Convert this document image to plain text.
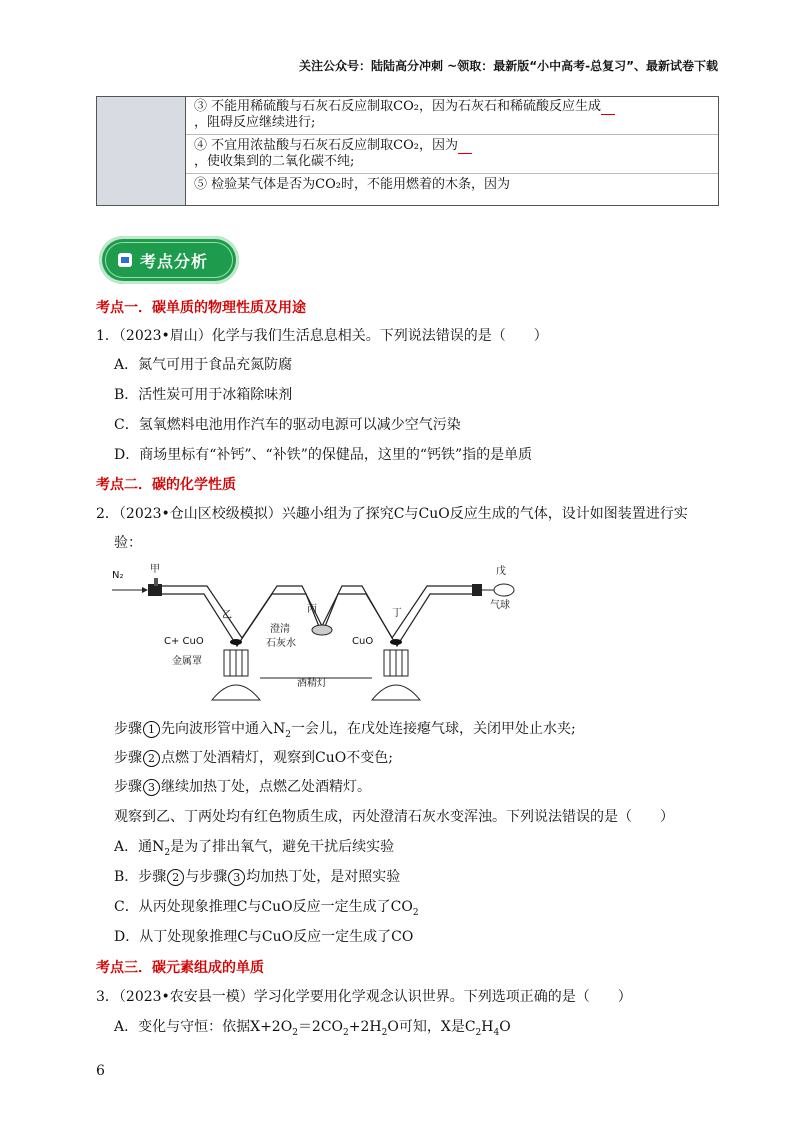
关注公众号：陆陆高分冲刺 ~领取：最新版“小中高考-总复习”、最新试卷下载

③ 不能用稀硫酸与石灰石反应制取CO₂，因为石灰石和稀硫酸反应生成

，阻碍反应继续进行;

④ 不宜用浓盐酸与石灰石反应制取CO₂，因为

，使收集到的二氧化碳不纯;

⑤ 检验某气体是否为CO₂时，不能用燃着的木条，因为

考点分析
考点一．碳单质的物理性质及用途
1．（2023•眉山）化学与我们生活息息相关。下列说法错误的是（　　）
A．氮气可用于食品充氮防腐
B．活性炭可用于冰箱除味剂
C．氢氧燃料电池用作汽车的驱动电源可以减少空气污染
D．商场里标有“补钙”、“补铁”的保健品，这里的“钙铁”指的是单质
考点二．碳的化学性质
2．（2023•仓山区校级模拟）兴趣小组为了探究C与CuO反应生成的气体，设计如图装置进行实
验：
N₂
甲	戊
气球
乙
丙	丁
C+ CuO
澄清
石灰水	CuO
金属罩
酒精灯
步骤 1 先向波形管中通入$N_2$一会儿，在戊处连接瘪气球，关闭甲处止水夹;
步骤 2 点燃丁处酒精灯，观察到CuO不变色;
步骤 3 继续加热丁处，点燃乙处酒精灯。
观察到乙、丁两处均有红色物质生成，丙处澄清石灰水变浑浊。下列说法错误的是（　　）
A．通$N_2$是为了排出氧气，避免干扰后续实验
B．步骤 2 与步骤 3 均加热丁处，是对照实验
C．从丙处现象推理C与CuO反应一定生成了$CO_2$
D．从丁处现象推理C与CuO反应一定生成了CO
考点三．碳元素组成的单质
3．（2023•农安县一模）学习化学要用化学观念认识世界。下列选项正确的是（　　）
A．变化与守恒：依据$X+2O_2=2CO_2+2H_2O$可知，X是$C_2H_4O$
6
